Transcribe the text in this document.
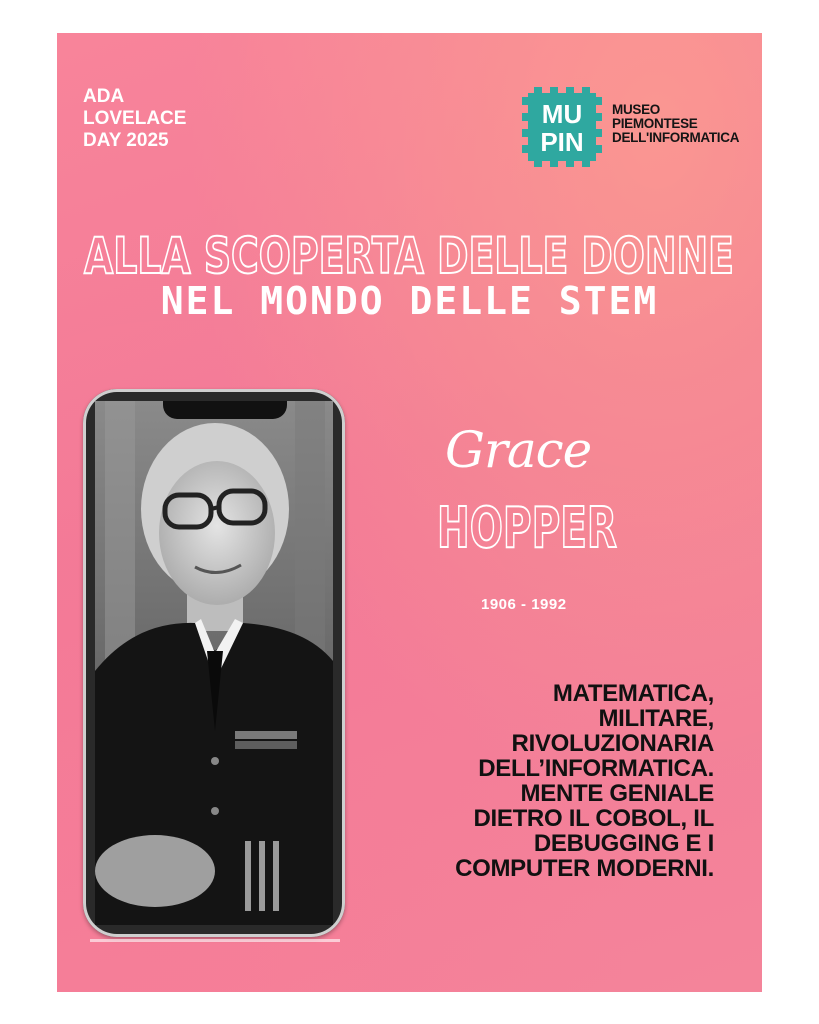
ADA
LOVELACE
DAY 2025
MU
PIN
MUSEO
PIEMONTESE
DELL'INFORMATICA
ALLA SCOPERTA DELLE DONNE
NEL MONDO DELLE STEM
Grace
HOPPER
1906 - 1992
MATEMATICA,
MILITARE,
RIVOLUZIONARIA
DELL’INFORMATICA.
MENTE GENIALE
DIETRO IL COBOL, IL
DEBUGGING E I
COMPUTER MODERNI.
